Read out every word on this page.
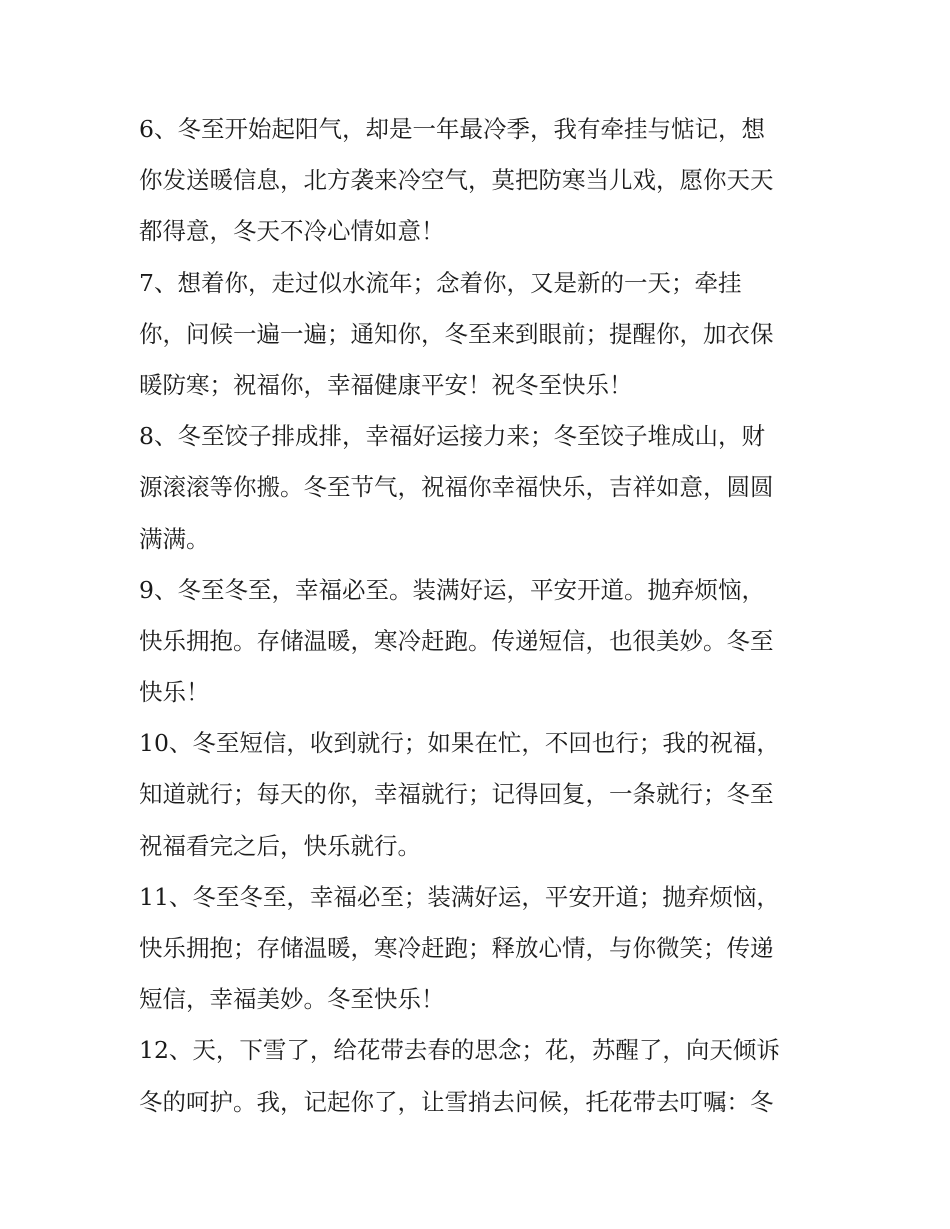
6、冬至开始起阳气，却是一年最冷季，我有牵挂与惦记，想
你发送暖信息，北方袭来冷空气，莫把防寒当儿戏，愿你天天
都得意，冬天不冷心情如意！
7、想着你，走过似水流年；念着你，又是新的一天；牵挂
你，问候一遍一遍；通知你，冬至来到眼前；提醒你，加衣保
暖防寒；祝福你，幸福健康平安！祝冬至快乐！
8、冬至饺子排成排，幸福好运接力来；冬至饺子堆成山，财
源滚滚等你搬。冬至节气，祝福你幸福快乐，吉祥如意，圆圆
满满。
9、冬至冬至，幸福必至。装满好运，平安开道。抛弃烦恼，
快乐拥抱。存储温暖，寒冷赶跑。传递短信，也很美妙。冬至
快乐！
10、冬至短信，收到就行；如果在忙，不回也行；我的祝福，
知道就行；每天的你，幸福就行；记得回复，一条就行；冬至
祝福看完之后，快乐就行。
11、冬至冬至，幸福必至；装满好运，平安开道；抛弃烦恼，
快乐拥抱；存储温暖，寒冷赶跑；释放心情，与你微笑；传递
短信，幸福美妙。冬至快乐！
12、天，下雪了，给花带去春的思念；花，苏醒了，向天倾诉
冬的呵护。我，记起你了，让雪捎去问候，托花带去叮嘱：冬
